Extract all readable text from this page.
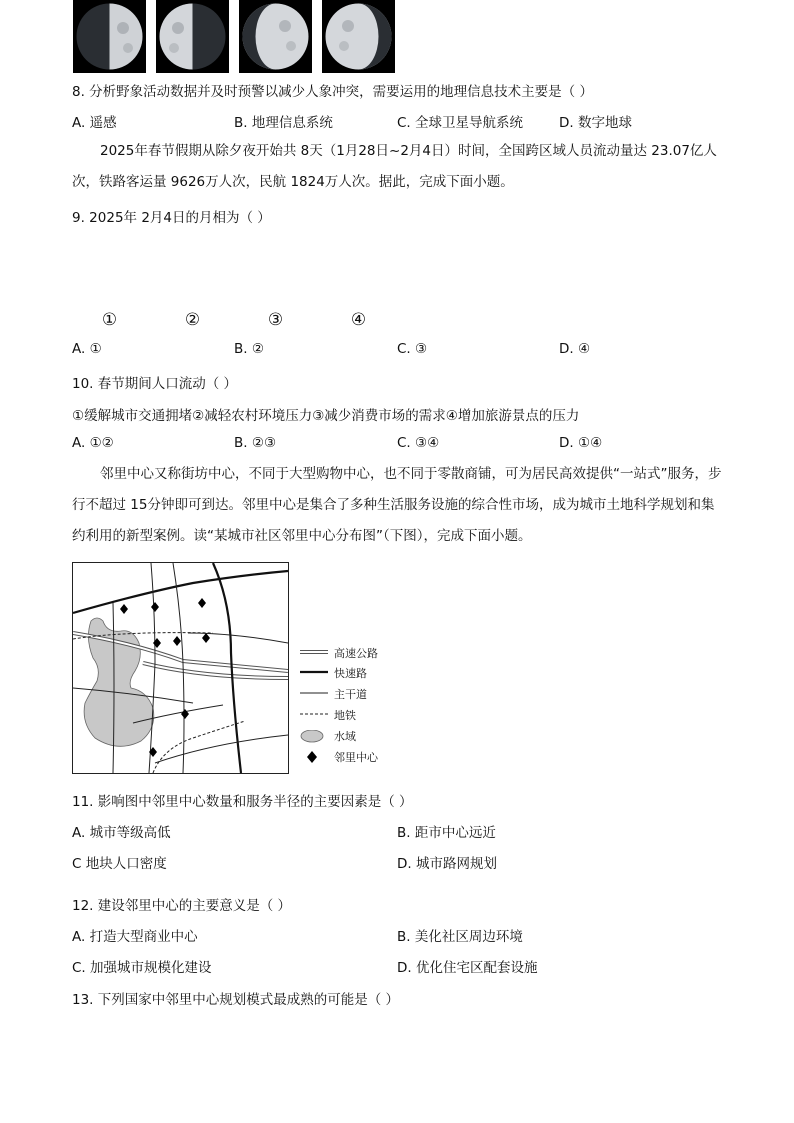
8. 分析野象活动数据并及时预警以减少人象冲突，需要运用的地理信息技术主要是（ ）
A. 遥感	B. 地理信息系统	C. 全球卫星导航系统	D. 数字地球
2025年春节假期从除夕夜开始共 8天（1月28日~2月4日）时间，全国跨区域人员流动量达 23.07亿人次，铁路客运量 9626万人次，民航 1824万人次。据此，完成下面小题。
9. 2025年 2月4日的月相为（ ）
①	②	③	④
A. ①	B. ②	C. ③	D. ④
10. 春节期间人口流动（ ）
①缓解城市交通拥堵②减轻农村环境压力③减少消费市场的需求④增加旅游景点的压力
A. ①②	B. ②③	C. ③④	D. ①④
邻里中心又称街坊中心，不同于大型购物中心，也不同于零散商铺，可为居民高效提供“一站式”服务，步行不超过 15分钟即可到达。邻里中心是集合了多种生活服务设施的综合性市场，成为城市土地科学规划和集约利用的新型案例。读“某城市社区邻里中心分布图”（下图），完成下面小题。
高速公路
快速路
主干道
地铁
水域
邻里中心
11. 影响图中邻里中心数量和服务半径的主要因素是（ ）
A. 城市等级高低	B. 距市中心远近
C 地块人口密度	D. 城市路网规划
12. 建设邻里中心的主要意义是（ ）
A. 打造大型商业中心	B. 美化社区周边环境
C. 加强城市规模化建设	D. 优化住宅区配套设施
13. 下列国家中邻里中心规划模式最成熟的可能是（ ）
